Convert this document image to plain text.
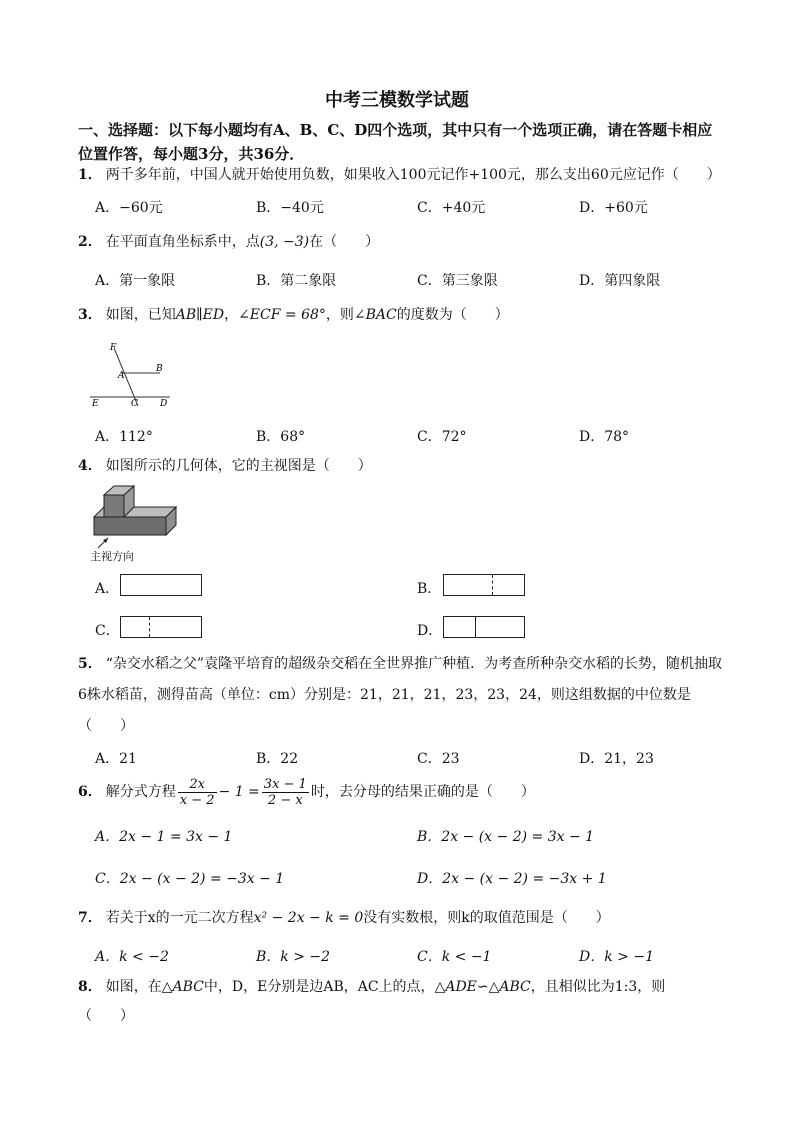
中考三模数学试题
一、选择题：以下每小题均有A、B、C、D四个选项，其中只有一个选项正确，请在答题卡相应
位置作答，每小题3分，共36分．
1． 两千多年前，中国人就开始使用负数，如果收入100元记作+100元，那么支出60元应记作（　　）
A．−60元	B．−40元	C．+40元	D．+60元
2． 在平面直角坐标系中，点(3, −3)在（　　）
A．第一象限	B．第二象限	C．第三象限	D．第四象限
3． 如图，已知AB∥ED，∠ECF = 68°，则∠BAC的度数为（　　）
F
A
B
E	C D
A．112°	B．68°	C．72°	D．78°
4． 如图所示的几何体，它的主视图是（　　）
主视方向
A．	B．
C．	D．
5． “杂交水稻之父”袁隆平培育的超级杂交稻在全世界推广种植．为考查所种杂交水稻的长势，随机抽取
6株水稻苗，测得苗高（单位：cm）分别是：21，21，21，23，23，24，则这组数据的中位数是
（　　）
A．21	B．22	C．23	D．21，23
6． 解分式方程 $\frac{2x}{x - 2} - 1 = \frac{3x - 1}{2 - x}$ 时，去分母的结果正确的是（　　）
A．2x − 1 = 3x − 1	B．2x − (x − 2) = 3x − 1
C．2x − (x − 2) = −3x − 1	D．2x − (x − 2) = −3x + 1
7． 若关于x的一元二次方程x² − 2x − k = 0没有实数根，则k的取值范围是（　　）
A．k < −2	B．k > −2	C．k < −1	D．k > −1
8． 如图，在△ABC中，D，E分别是边AB，AC上的点，△ADE∽△ABC，且相似比为1:3，则
（　　）
